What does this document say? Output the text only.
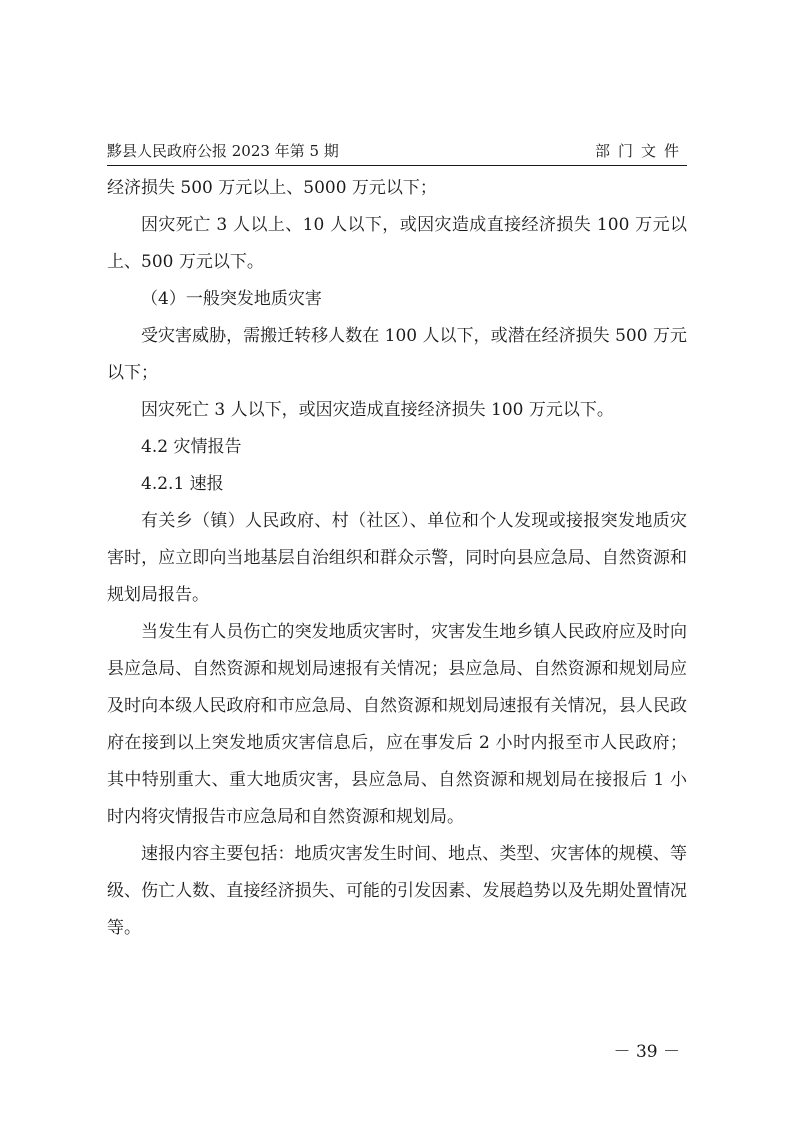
黟县人民政府公报 2023 年第 5 期	部门文件

经济损失 500 万元以上、5000 万元以下；

因灾死亡 3 人以上、10 人以下，或因灾造成直接经济损失 100 万元以上、500 万元以下。

（4）一般突发地质灾害

受灾害威胁，需搬迁转移人数在 100 人以下，或潜在经济损失 500 万元以下；

因灾死亡 3 人以下，或因灾造成直接经济损失 100 万元以下。

4.2 灾情报告

4.2.1 速报

有关乡（镇）人民政府、村（社区）、单位和个人发现或接报突发地质灾害时，应立即向当地基层自治组织和群众示警，同时向县应急局、自然资源和规划局报告。

当发生有人员伤亡的突发地质灾害时，灾害发生地乡镇人民政府应及时向县应急局、自然资源和规划局速报有关情况；县应急局、自然资源和规划局应及时向本级人民政府和市应急局、自然资源和规划局速报有关情况，县人民政府在接到以上突发地质灾害信息后，应在事发后 2 小时内报至市人民政府；其中特别重大、重大地质灾害，县应急局、自然资源和规划局在接报后 1 小时内将灾情报告市应急局和自然资源和规划局。

速报内容主要包括：地质灾害发生时间、地点、类型、灾害体的规模、等级、伤亡人数、直接经济损失、可能的引发因素、发展趋势以及先期处置情况等。

－ 39 －
